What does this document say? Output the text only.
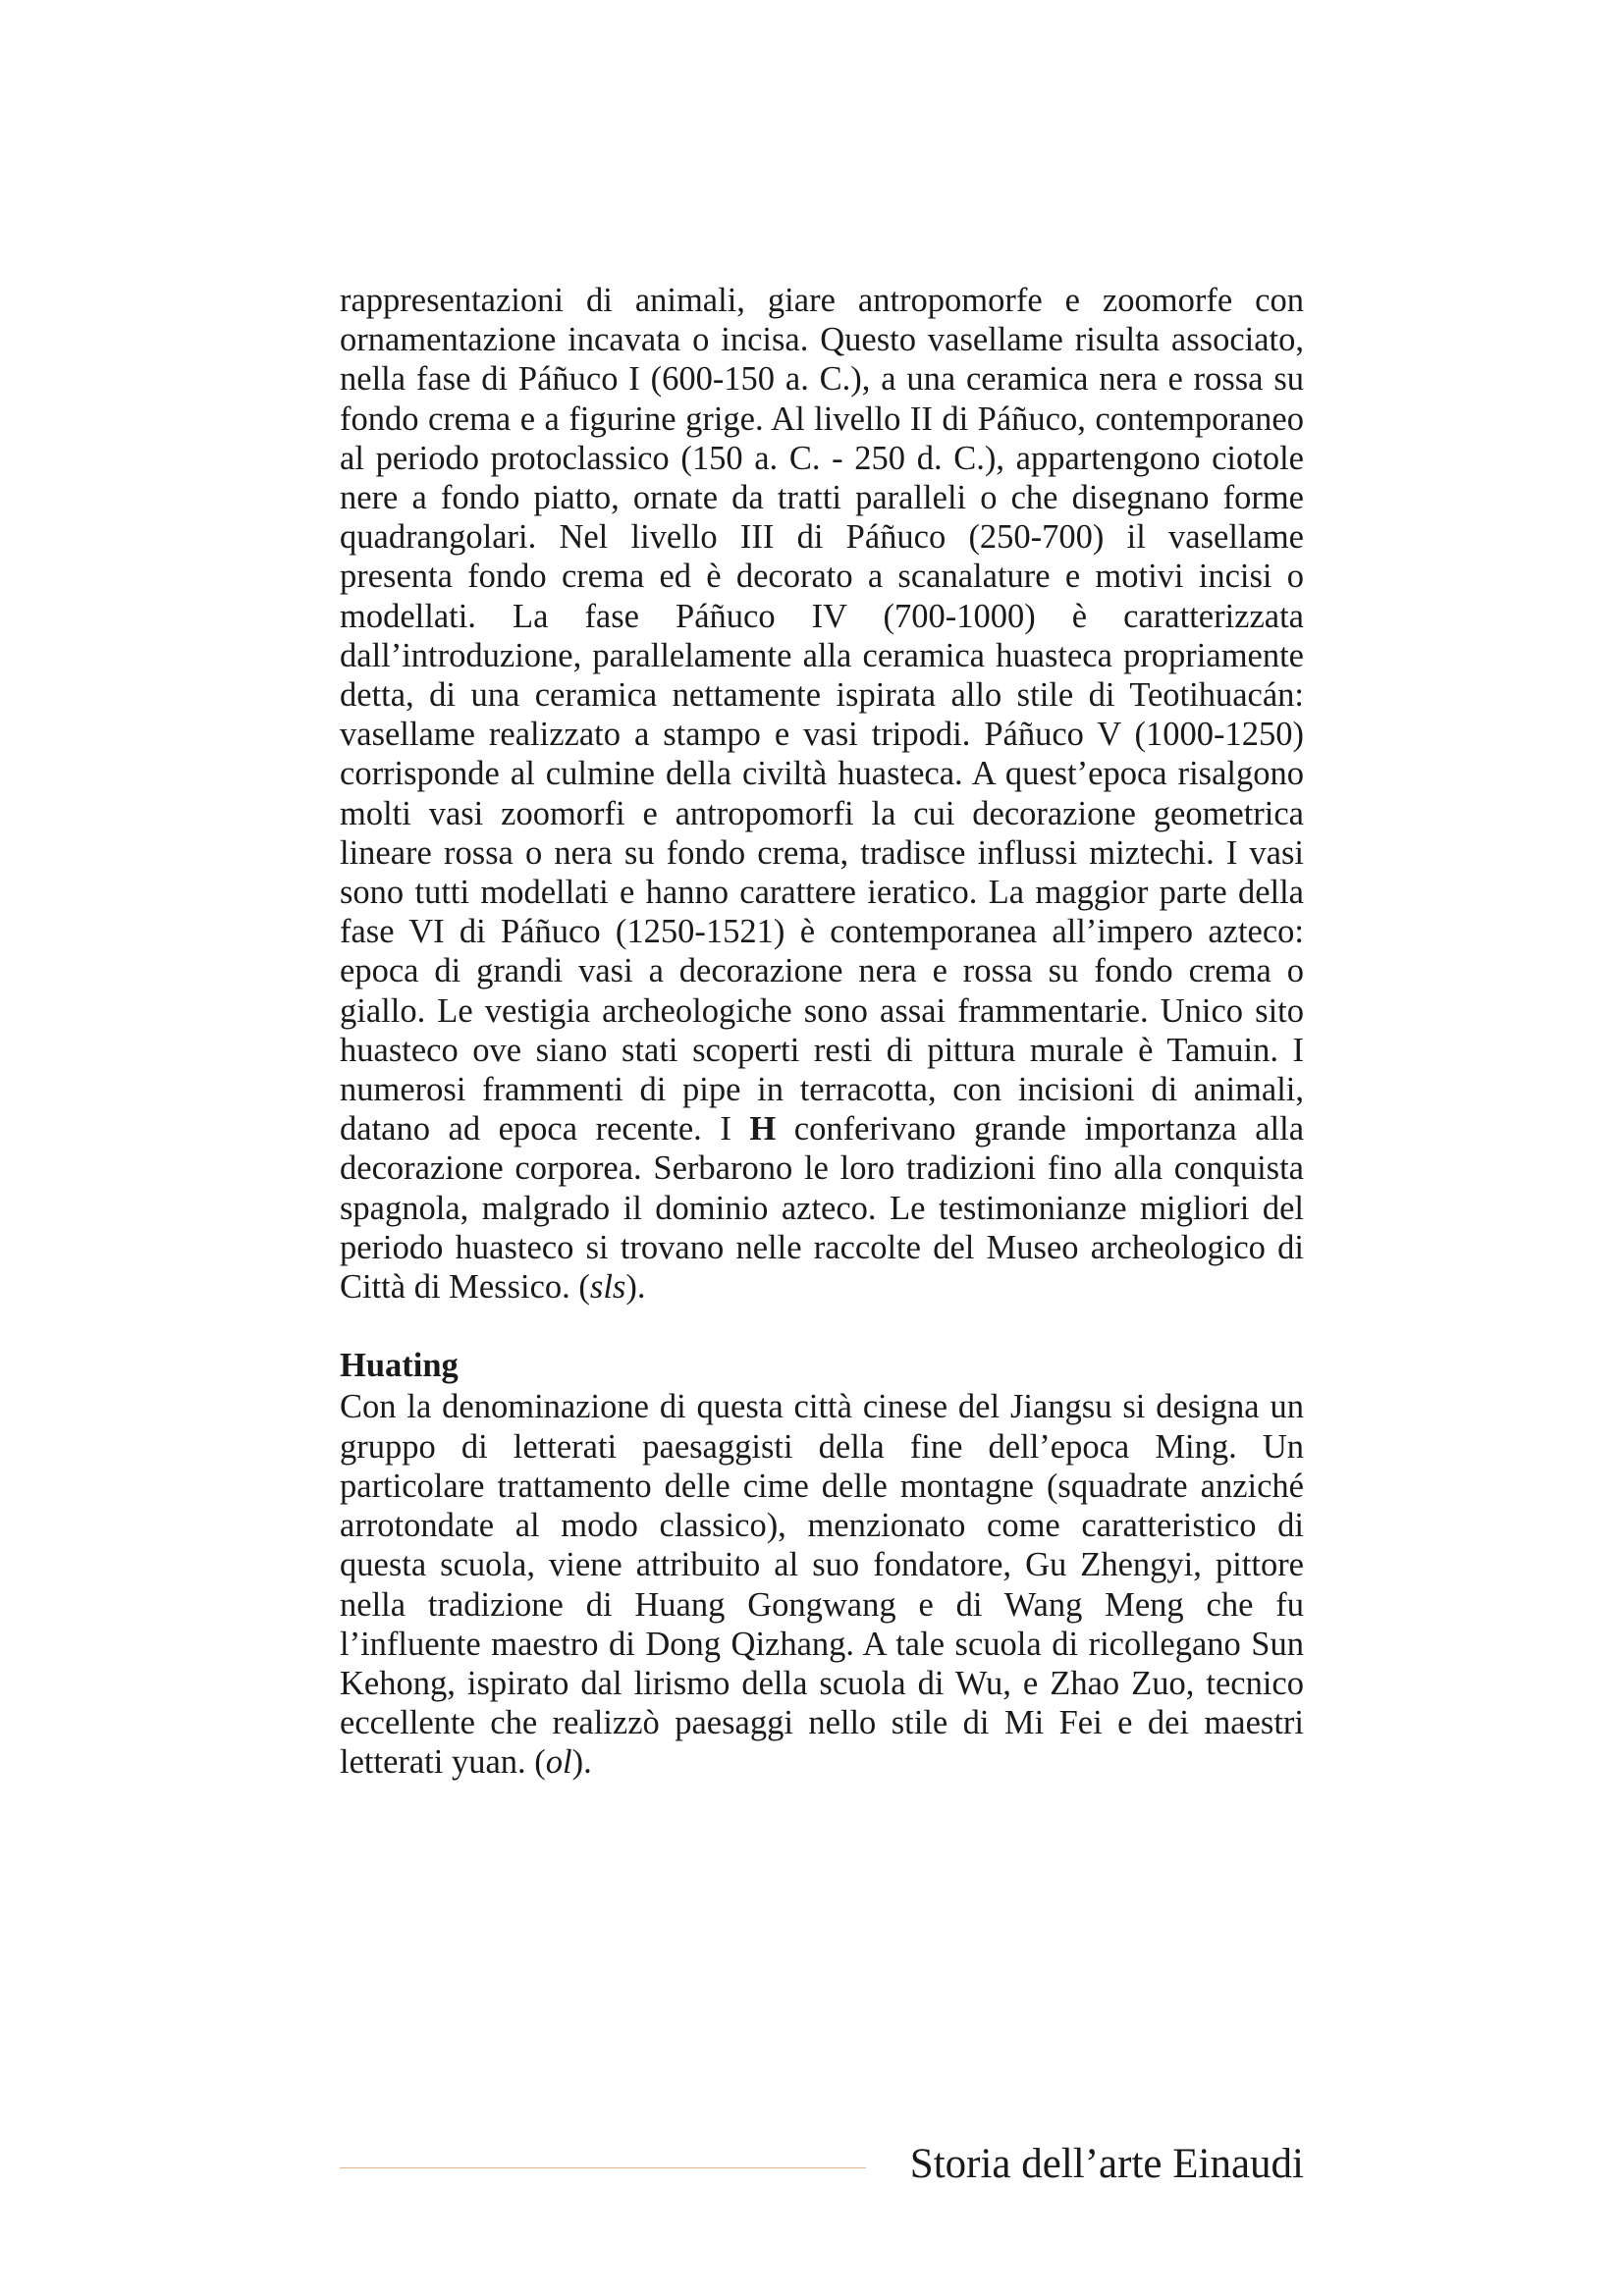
rappresentazioni di animali, giare antropomorfe e zoomorfe con ornamentazione incavata o incisa. Questo vasellame risulta associato, nella fase di Páñuco I (600-150 a. C.), a una ceramica nera e rossa su fondo crema e a figurine grige. Al livello II di Páñuco, contemporaneo al periodo protoclassico (150 a. C. - 250 d. C.), appartengono ciotole nere a fondo piatto, ornate da tratti paralleli o che disegnano forme quadrangolari. Nel livello III di Páñuco (250-700) il vasellame presenta fondo crema ed è decorato a scanalature e motivi incisi o modellati. La fase Páñuco IV (700-1000) è caratterizzata dall’introduzione, parallelamente alla ceramica huasteca propriamente detta, di una ceramica nettamente ispirata allo stile di Teotihuacán: vasellame realizzato a stampo e vasi tripodi. Páñuco V (1000-1250) corrisponde al culmine della civiltà huasteca. A quest’epoca risalgono molti vasi zoomorfi e antropomorfi la cui decorazione geometrica lineare rossa o nera su fondo crema, tradisce influssi miztechi. I vasi sono tutti modellati e hanno carattere ieratico. La maggior parte della fase VI di Páñuco (1250-1521) è contemporanea all’impero azteco: epoca di grandi vasi a decorazione nera e rossa su fondo crema o giallo. Le vestigia archeologiche sono assai frammentarie. Unico sito huasteco ove siano stati scoperti resti di pittura murale è Tamuin. I numerosi frammenti di pipe in terracotta, con incisioni di animali, datano ad epoca recente. I H conferivano grande importanza alla decorazione corporea. Serbarono le loro tradizioni fino alla conquista spagnola, malgrado il dominio azteco. Le testimonianze migliori del periodo huasteco si trovano nelle raccolte del Museo archeologico di Città di Messico. (sls).

Huating

Con la denominazione di questa città cinese del Jiangsu si designa un gruppo di letterati paesaggisti della fine dell’epoca Ming. Un particolare trattamento delle cime delle montagne (squadrate anziché arrotondate al modo classico), menzionato come caratteristico di questa scuola, viene attribuito al suo fondatore, Gu Zhengyi, pittore nella tradizione di Huang Gongwang e di Wang Meng che fu l’influente maestro di Dong Qizhang. A tale scuola di ricollegano Sun Kehong, ispirato dal lirismo della scuola di Wu, e Zhao Zuo, tecnico eccellente che realizzò paesaggi nello stile di Mi Fei e dei maestri letterati yuan. (ol).

Storia dell’arte Einaudi
